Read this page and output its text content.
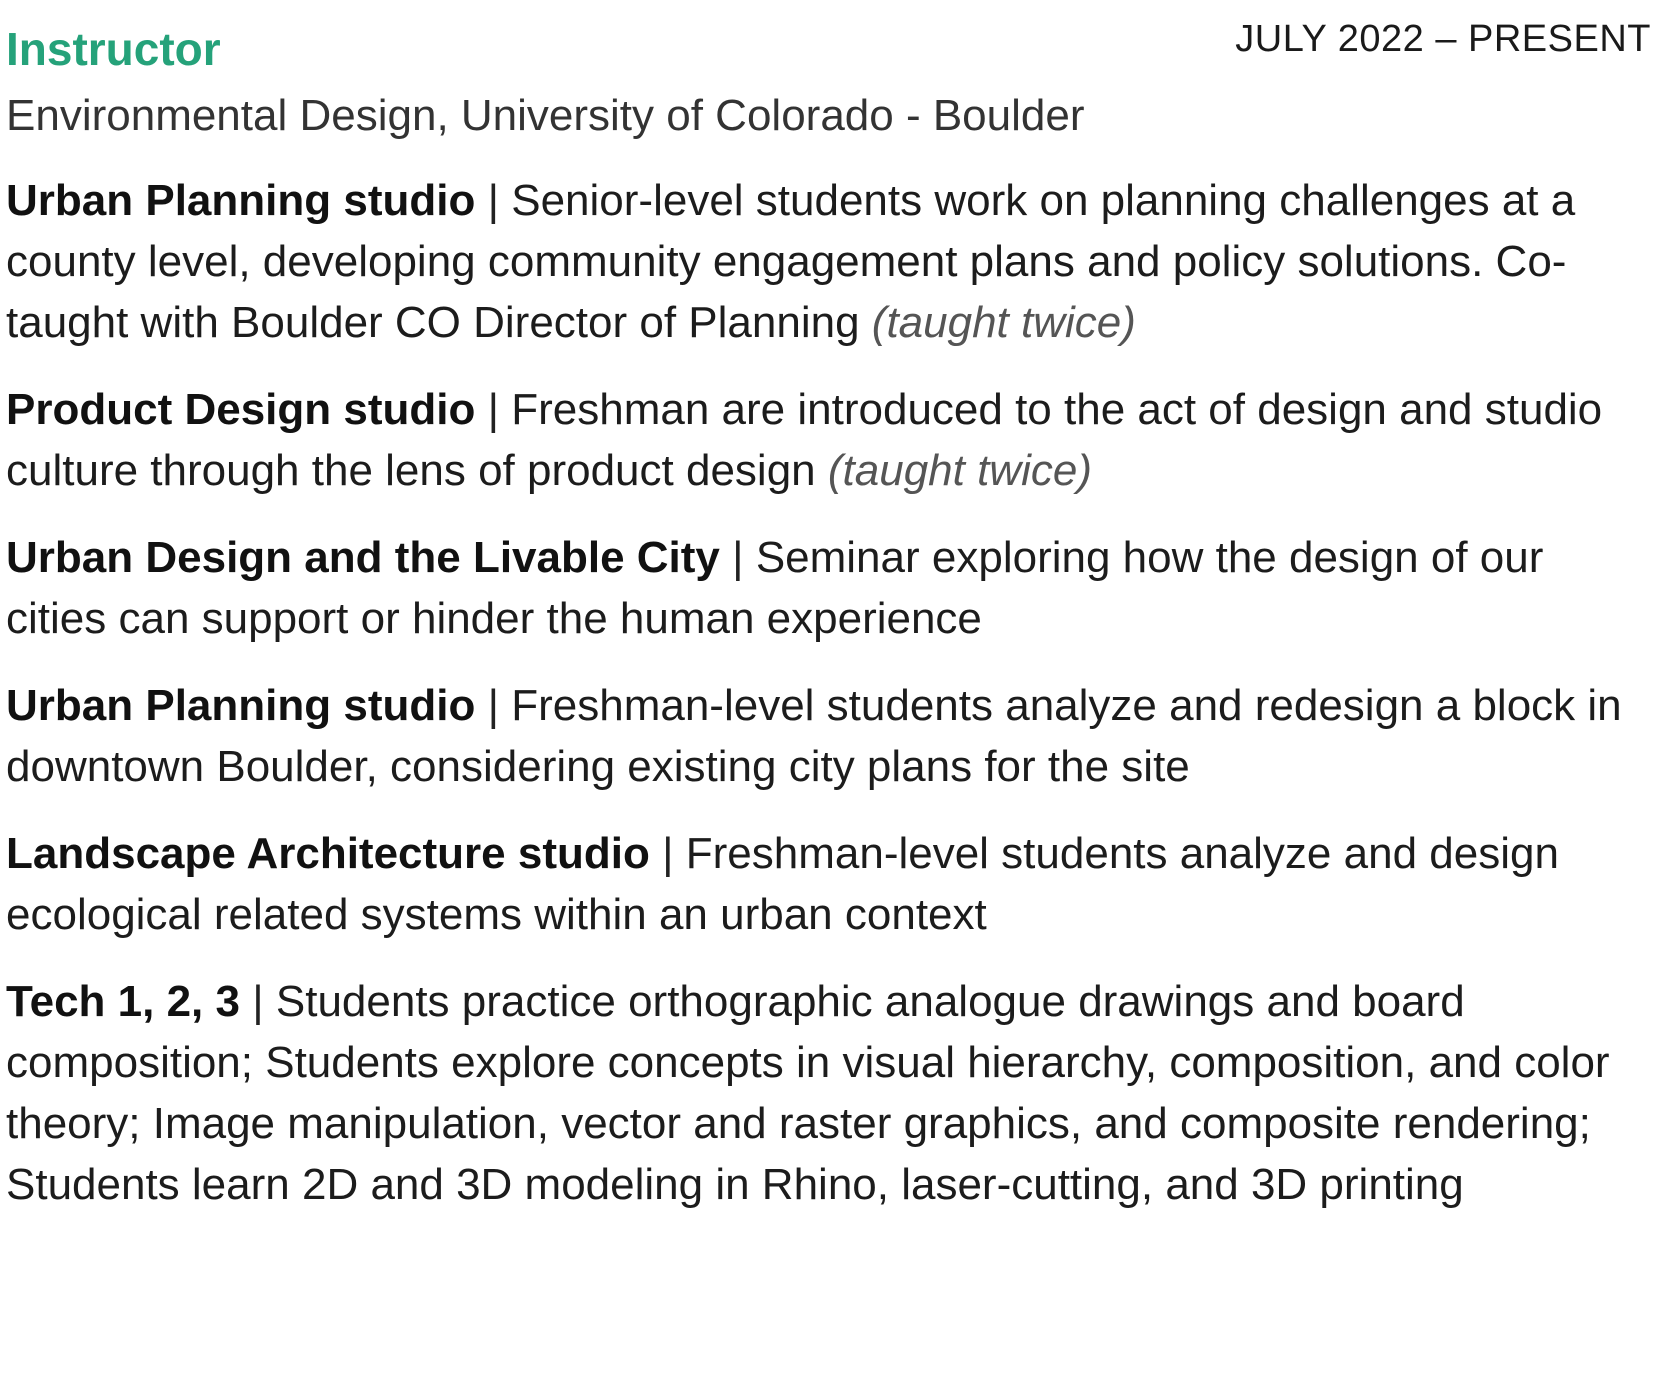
Instructor	JULY 2022 – PRESENT

Environmental Design, University of Colorado - Boulder

Urban Planning studio | Senior-level students work on planning challenges at a county level, developing community engagement plans and policy solutions. Co-taught with Boulder CO Director of Planning (taught twice)

Product Design studio | Freshman are introduced to the act of design and studio culture through the lens of product design (taught twice)

Urban Design and the Livable City | Seminar exploring how the design of our cities can support or hinder the human experience

Urban Planning studio | Freshman-level students analyze and redesign a block in downtown Boulder, considering existing city plans for the site

Landscape Architecture studio | Freshman-level students analyze and design ecological related systems within an urban context

Tech 1, 2, 3 | Students practice orthographic analogue drawings and board composition; Students explore concepts in visual hierarchy, composition, and color theory; Image manipulation, vector and raster graphics, and composite rendering; Students learn 2D and 3D modeling in Rhino, laser-cutting, and 3D printing
